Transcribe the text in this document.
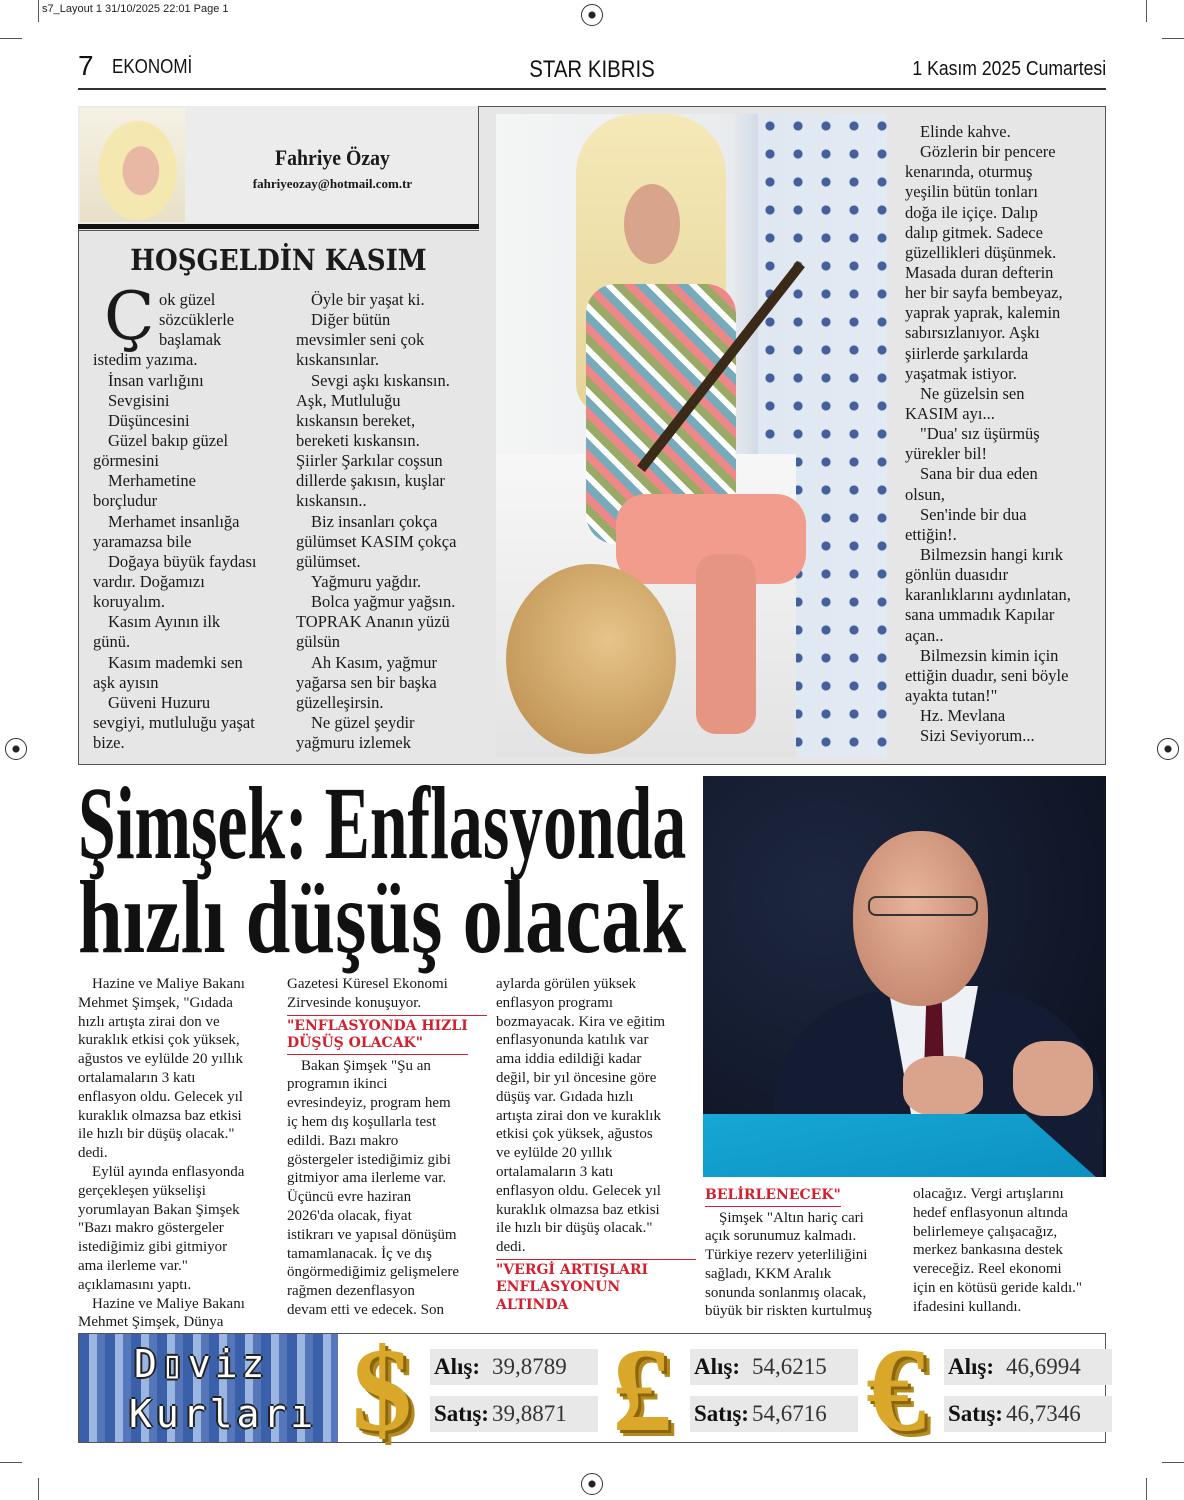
s7_Layout 1 31/10/2025 22:01 Page 1
7 EKONOMİ	STAR KIBRIS	1 Kasım 2025 Cumartesi
Fahriye Özay
fahriyeozay@hotmail.com.tr
HOŞGELDİN KASIM
Ç ok güzel
sözcüklerle
başlamak
istedim yazıma.
İnsan varlığını
Sevgisini
Düşüncesini
Güzel bakıp güzel
görmesini
Merhametine
borçludur
Merhamet insanlığa
yaramazsa bile
Doğaya büyük faydası
vardır. Doğamızı
koruyalım.
Kasım Ayının ilk
günü.
Kasım mademki sen
aşk ayısın
Güveni Huzuru
sevgiyi, mutluluğu yaşat
bize.
Öyle bir yaşat ki.
Diğer bütün
mevsimler seni çok
kıskansınlar.
Sevgi aşkı kıskansın.
Aşk, Mutluluğu
kıskansın bereket,
bereketi kıskansın.
Şiirler Şarkılar coşsun
dillerde şakısın, kuşlar
kıskansın..
Biz insanları çokça
gülümset KASIM çokça
gülümset.
Yağmuru yağdır.
Bolca yağmur yağsın.
TOPRAK Ananın yüzü
gülsün
Ah Kasım, yağmur
yağarsa sen bir başka
güzelleşirsin.
Ne güzel şeydir
yağmuru izlemek
Elinde kahve.
Gözlerin bir pencere
kenarında, oturmuş
yeşilin bütün tonları
doğa ile içiçe. Dalıp
dalıp gitmek. Sadece
güzellikleri düşünmek.
Masada duran defterin
her bir sayfa bembeyaz,
yaprak yaprak, kalemin
sabırsızlanıyor. Aşkı
şiirlerde şarkılarda
yaşatmak istiyor.
Ne güzelsin sen
KASIM ayı...
"Dua' sız üşürmüş
yürekler bil!
Sana bir dua eden
olsun,
Sen'inde bir dua
ettiğin!.
Bilmezsin hangi kırık
gönlün duasıdır
karanlıklarını aydınlatan,
sana ummadık Kapılar
açan..
Bilmezsin kimin için
ettiğin duadır, seni böyle
ayakta tutan!"
Hz. Mevlana
Sizi Seviyorum...
Şimşek: Enflasyonda
hızlı düşüş olacak
Hazine ve Maliye Bakanı
Mehmet Şimşek, "Gıdada
hızlı artışta zirai don ve
kuraklık etkisi çok yüksek,
ağustos ve eylülde 20 yıllık
ortalamaların 3 katı
enflasyon oldu. Gelecek yıl
kuraklık olmazsa baz etkisi
ile hızlı bir düşüş olacak."
dedi.
Eylül ayında enflasyonda
gerçekleşen yükselişi
yorumlayan Bakan Şimşek
"Bazı makro göstergeler
istediğimiz gibi gitmiyor
ama ilerleme var."
açıklamasını yaptı.
Hazine ve Maliye Bakanı
Mehmet Şimşek, Dünya
Gazetesi Küresel Ekonomi
Zirvesinde konuşuyor.
"ENFLASYONDA HIZLI
DÜŞÜŞ OLACAK"
Bakan Şimşek "Şu an
programın ikinci
evresindeyiz, program hem
iç hem dış koşullarla test
edildi. Bazı makro
göstergeler istediğimiz gibi
gitmiyor ama ilerleme var.
Üçüncü evre haziran
2026'da olacak, fiyat
istikrarı ve yapısal dönüşüm
tamamlanacak. İç ve dış
öngörmediğimiz gelişmelere
rağmen dezenflasyon
devam etti ve edecek. Son
aylarda görülen yüksek
enflasyon programı
bozmayacak. Kira ve eğitim
enflasyonunda katılık var
ama iddia edildiği kadar
değil, bir yıl öncesine göre
düşüş var. Gıdada hızlı
artışta zirai don ve kuraklık
etkisi çok yüksek, ağustos
ve eylülde 20 yıllık
ortalamaların 3 katı
enflasyon oldu. Gelecek yıl
kuraklık olmazsa baz etkisi
ile hızlı bir düşüş olacak."
dedi.
"VERGİ ARTIŞLARI
ENFLASYONUN
ALTINDA
BELİRLENECEK"
Şimşek "Altın hariç cari
açık sorunumuz kalmadı.
Türkiye rezerv yeterliliğini
sağladı, KKM Aralık
sonunda sonlanmış olacak,
büyük bir riskten kurtulmuş
olacağız. Vergi artışlarını
hedef enflasyonun altında
belirlemeye çalışacağız,
merkez bankasına destek
vereceğiz. Reel ekonomi
için en kötüsü geride kaldı."
ifadesini kullandı.
D▯viz
Kurları $ Alış: 39,8789
Satış: 39,8871 £ Alış: 54,6215
Satış: 54,6716 € Alış: 46,6994
Satış: 46,7346
